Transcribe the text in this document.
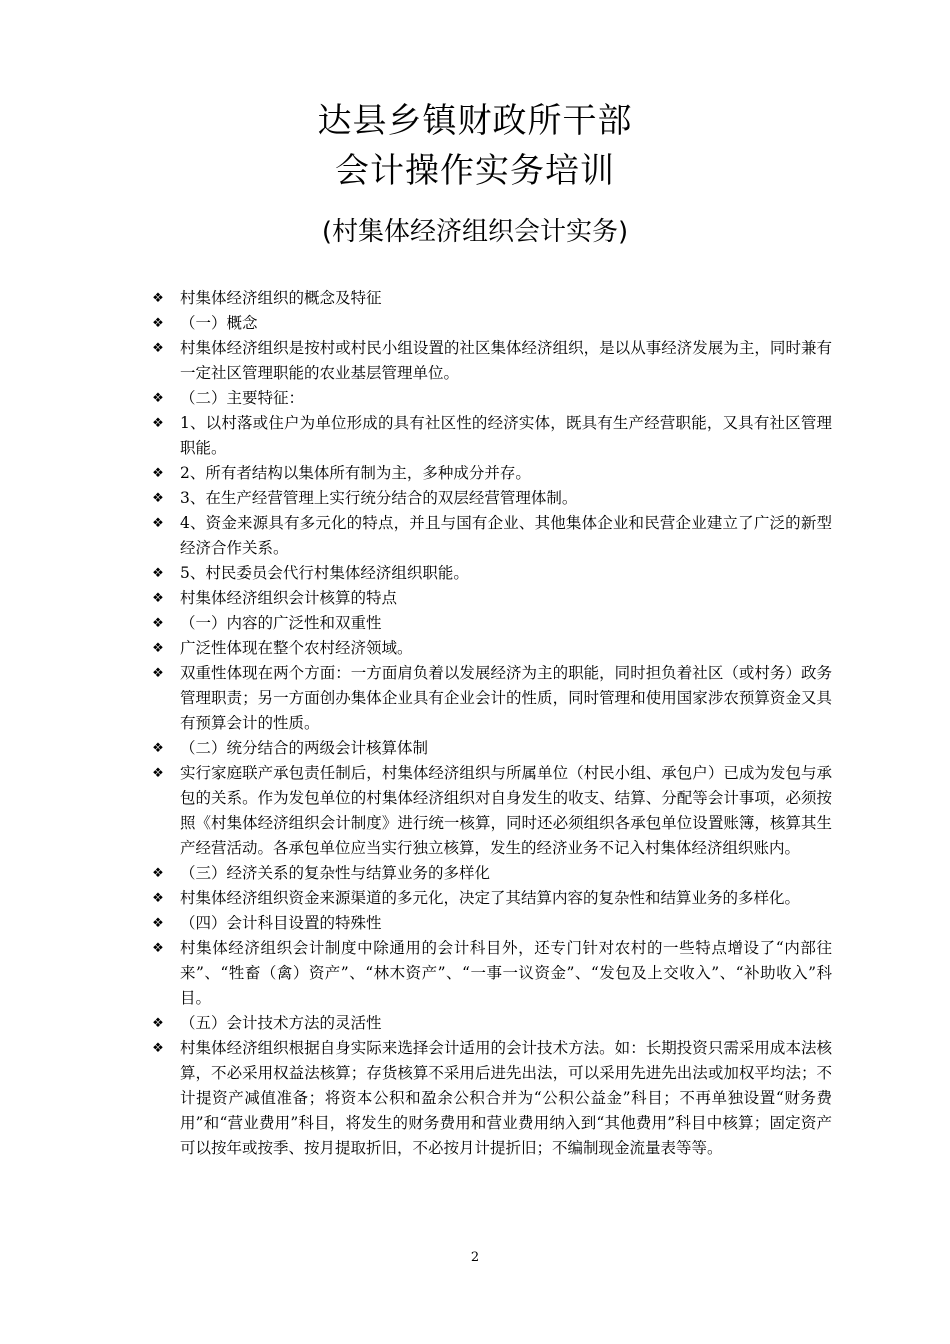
达县乡镇财政所干部
会计操作实务培训
(村集体经济组织会计实务)
❖ 村集体经济组织的概念及特征
❖ （一）概念
❖ 村集体经济组织是按村或村民小组设置的社区集体经济组织，是以从事经济发展为主，同时兼有一定社区管理职能的农业基层管理单位。
❖ （二）主要特征：
❖ 1、以村落或住户为单位形成的具有社区性的经济实体，既具有生产经营职能，又具有社区管理职能。
❖ 2、所有者结构以集体所有制为主，多种成分并存。
❖ 3、在生产经营管理上实行统分结合的双层经营管理体制。
❖ 4、资金来源具有多元化的特点，并且与国有企业、其他集体企业和民营企业建立了广泛的新型经济合作关系。
❖ 5、村民委员会代行村集体经济组织职能。
❖ 村集体经济组织会计核算的特点
❖ （一）内容的广泛性和双重性
❖ 广泛性体现在整个农村经济领域。
❖ 双重性体现在两个方面：一方面肩负着以发展经济为主的职能，同时担负着社区（或村务）政务管理职责；另一方面创办集体企业具有企业会计的性质，同时管理和使用国家涉农预算资金又具有预算会计的性质。
❖ （二）统分结合的两级会计核算体制
❖ 实行家庭联产承包责任制后，村集体经济组织与所属单位（村民小组、承包户）已成为发包与承包的关系。作为发包单位的村集体经济组织对自身发生的收支、结算、分配等会计事项，必须按照《村集体经济组织会计制度》进行统一核算，同时还必须组织各承包单位设置账簿，核算其生产经营活动。各承包单位应当实行独立核算，发生的经济业务不记入村集体经济组织账内。
❖ （三）经济关系的复杂性与结算业务的多样化
❖ 村集体经济组织资金来源渠道的多元化，决定了其结算内容的复杂性和结算业务的多样化。
❖ （四）会计科目设置的特殊性
❖ 村集体经济组织会计制度中除通用的会计科目外，还专门针对农村的一些特点增设了“内部往来”、“牲畜（禽）资产”、“林木资产”、“一事一议资金”、“发包及上交收入”、“补助收入”科目。
❖ （五）会计技术方法的灵活性
❖ 村集体经济组织根据自身实际来选择会计适用的会计技术方法。如：长期投资只需采用成本法核算，不必采用权益法核算；存货核算不采用后进先出法，可以采用先进先出法或加权平均法；不计提资产减值准备；将资本公积和盈余公积合并为“公积公益金”科目；不再单独设置“财务费用”和“营业费用”科目，将发生的财务费用和营业费用纳入到“其他费用”科目中核算；固定资产可以按年或按季、按月提取折旧，不必按月计提折旧；不编制现金流量表等等。
2
